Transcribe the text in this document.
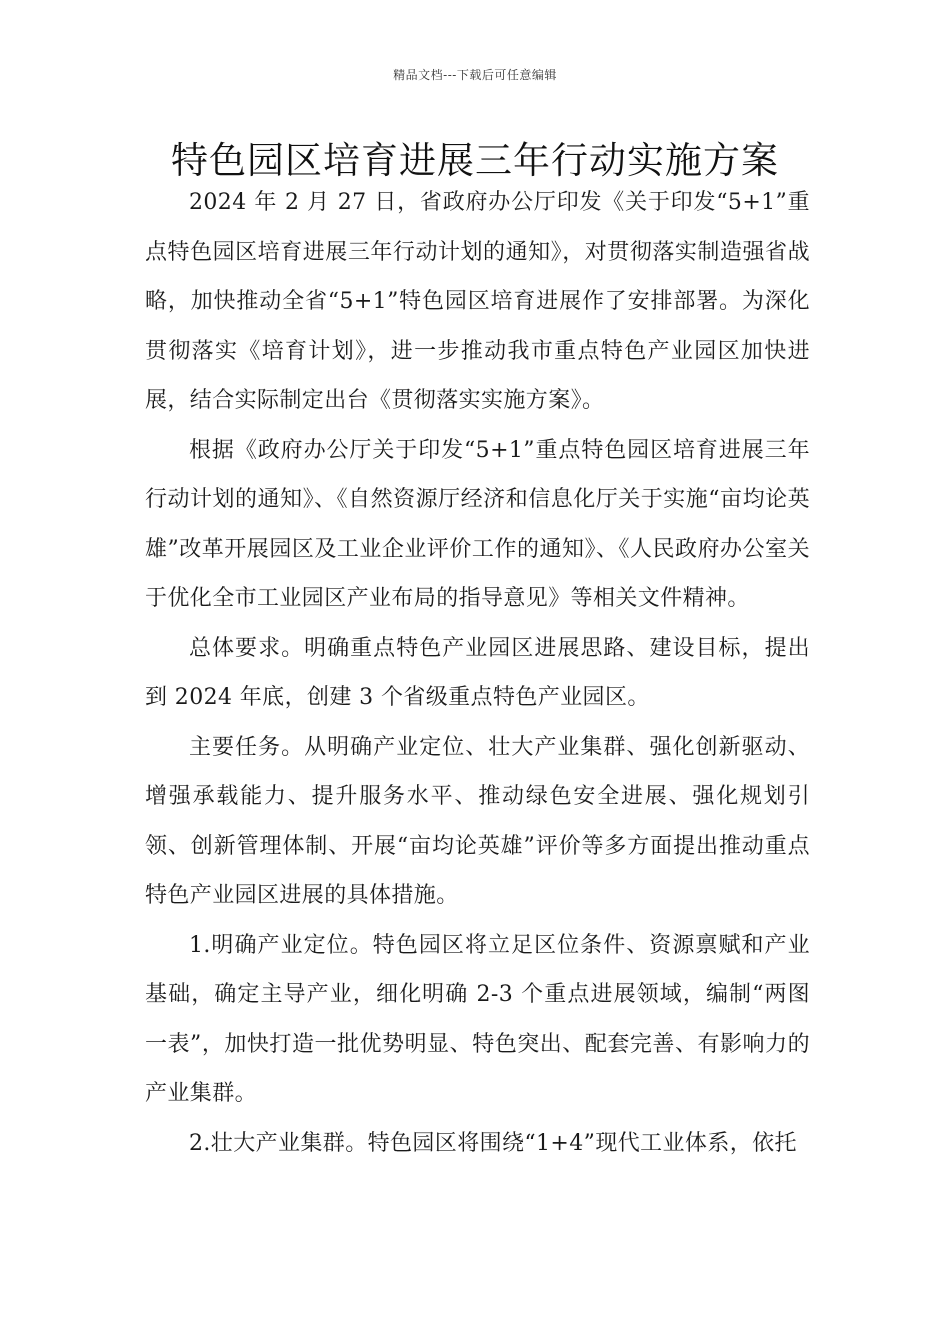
精品文档---下载后可任意编辑
特色园区培育进展三年行动实施方案

2024 年 2 月 27 日，省政府办公厅印发《关于印发“5+1”重点特色园区培育进展三年行动计划的通知》，对贯彻落实制造强省战略，加快推动全省“5+1”特色园区培育进展作了安排部署。为深化贯彻落实《培育计划》，进一步推动我市重点特色产业园区加快进展，结合实际制定出台《贯彻落实实施方案》。

根据《政府办公厅关于印发“5+1”重点特色园区培育进展三年行动计划的通知》、《自然资源厅经济和信息化厅关于实施“亩均论英雄”改革开展园区及工业企业评价工作的通知》、《人民政府办公室关于优化全市工业园区产业布局的指导意见》等相关文件精神。

总体要求。明确重点特色产业园区进展思路、建设目标，提出到 2024 年底，创建 3 个省级重点特色产业园区。

主要任务。从明确产业定位、壮大产业集群、强化创新驱动、增强承载能力、提升服务水平、推动绿色安全进展、强化规划引领、创新管理体制、开展“亩均论英雄”评价等多方面提出推动重点特色产业园区进展的具体措施。

1.明确产业定位。特色园区将立足区位条件、资源禀赋和产业基础，确定主导产业，细化明确 2-3 个重点进展领域，编制“两图一表”，加快打造一批优势明显、特色突出、配套完善、有影响力的产业集群。

2.壮大产业集群。特色园区将围绕“1+4”现代工业体系，依托
